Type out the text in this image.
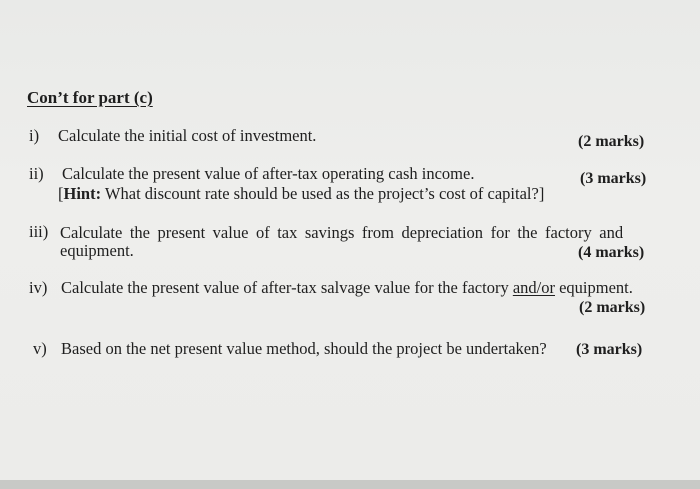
Con’t for part (c)

i) Calculate the initial cost of investment.	(2 marks)
ii) Calculate the present value of after-tax operating cash income.
[Hint: What discount rate should be used as the project’s cost of capital?]
(3 marks)
iii) Calculate the present value of tax savings from depreciation for the factory and
equipment.	(4 marks)
iv) Calculate the present value of after-tax salvage value for the factory and/or equipment.
(2 marks)
v) Based on the net present value method, should the project be undertaken? (3 marks)
